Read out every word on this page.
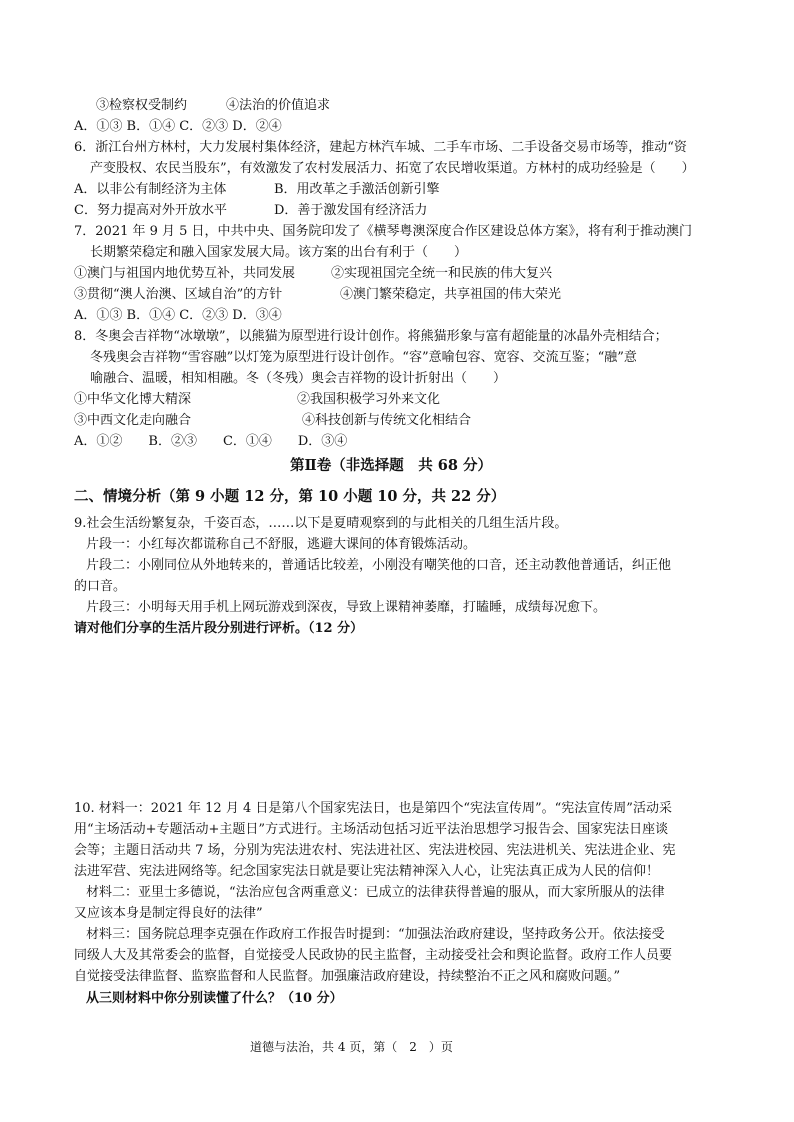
③检察权受制约　　　④法治的价值追求
A．①③ B．①④ C．②③ D．②④
6．浙江台州方林村，大力发展村集体经济，建起方林汽车城、二手车市场、二手设备交易市场等，推动“资
产变股权、农民当股东”，有效激发了农村发展活力、拓宽了农民增收渠道。方林村的成功经验是（　　）
A．以非公有制经济为主体	B．用改革之手激活创新引擎
C．努力提高对外开放水平	D．善于激发国有经济活力
7．2021 年 9 月 5 日，中共中央、国务院印发了《横琴粤澳深度合作区建设总体方案》，将有利于推动澳门
长期繁荣稳定和融入国家发展大局。该方案的出台有利于（　　）
①澳门与祖国内地优势互补，共同发展	②实现祖国完全统一和民族的伟大复兴
③贯彻“澳人治澳、区域自治”的方针	④澳门繁荣稳定，共享祖国的伟大荣光
A．①③ B．①④ C．②③ D．③④
8．冬奥会吉祥物“冰墩墩”，以熊猫为原型进行设计创作。将熊猫形象与富有超能量的冰晶外壳相结合；
冬残奥会吉祥物“雪容融”以灯笼为原型进行设计创作。“容”意喻包容、宽容、交流互鉴；“融”意
喻融合、温暖，相知相融。冬（冬残）奥会吉祥物的设计折射出（　　）
①中华文化博大精深	②我国积极学习外来文化
③中西文化走向融合	④科技创新与传统文化相结合
A．①②　　B．②③　　C．①④　　D．③④
第Ⅱ卷（非选择题　共 68 分）
二、情境分析（第 9 小题 12 分，第 10 小题 10 分，共 22 分）
9.社会生活纷繁复杂，千姿百态，……以下是夏晴观察到的与此相关的几组生活片段。
片段一：小红每次都谎称自己不舒服，逃避大课间的体育锻炼活动。
片段二：小刚同位从外地转来的，普通话比较差，小刚没有嘲笑他的口音，还主动教他普通话，纠正他
的口音。
片段三：小明每天用手机上网玩游戏到深夜，导致上课精神萎靡，打瞌睡，成绩每况愈下。
请对他们分享的生活片段分别进行评析。（12 分）
10. 材料一：2021 年 12 月 4 日是第八个国家宪法日，也是第四个“宪法宣传周”。“宪法宣传周”活动采
用“主场活动+专题活动+主题日”方式进行。主场活动包括习近平法治思想学习报告会、国家宪法日座谈
会等；主题日活动共 7 场，分别为宪法进农村、宪法进社区、宪法进校园、宪法进机关、宪法进企业、宪
法进军营、宪法进网络等。纪念国家宪法日就是要让宪法精神深入人心，让宪法真正成为人民的信仰！
材料二：亚里士多德说，“法治应包含两重意义：已成立的法律获得普遍的服从，而大家所服从的法律
又应该本身是制定得良好的法律”
材料三：国务院总理李克强在作政府工作报告时提到：“加强法治政府建设，坚持政务公开。依法接受
同级人大及其常委会的监督，自觉接受人民政协的民主监督，主动接受社会和舆论监督。政府工作人员要
自觉接受法律监督、监察监督和人民监督。加强廉洁政府建设，持续整治不正之风和腐败问题。”
从三则材料中你分别读懂了什么？（10 分）
道德与法治，共 4 页，第（　2　）页
